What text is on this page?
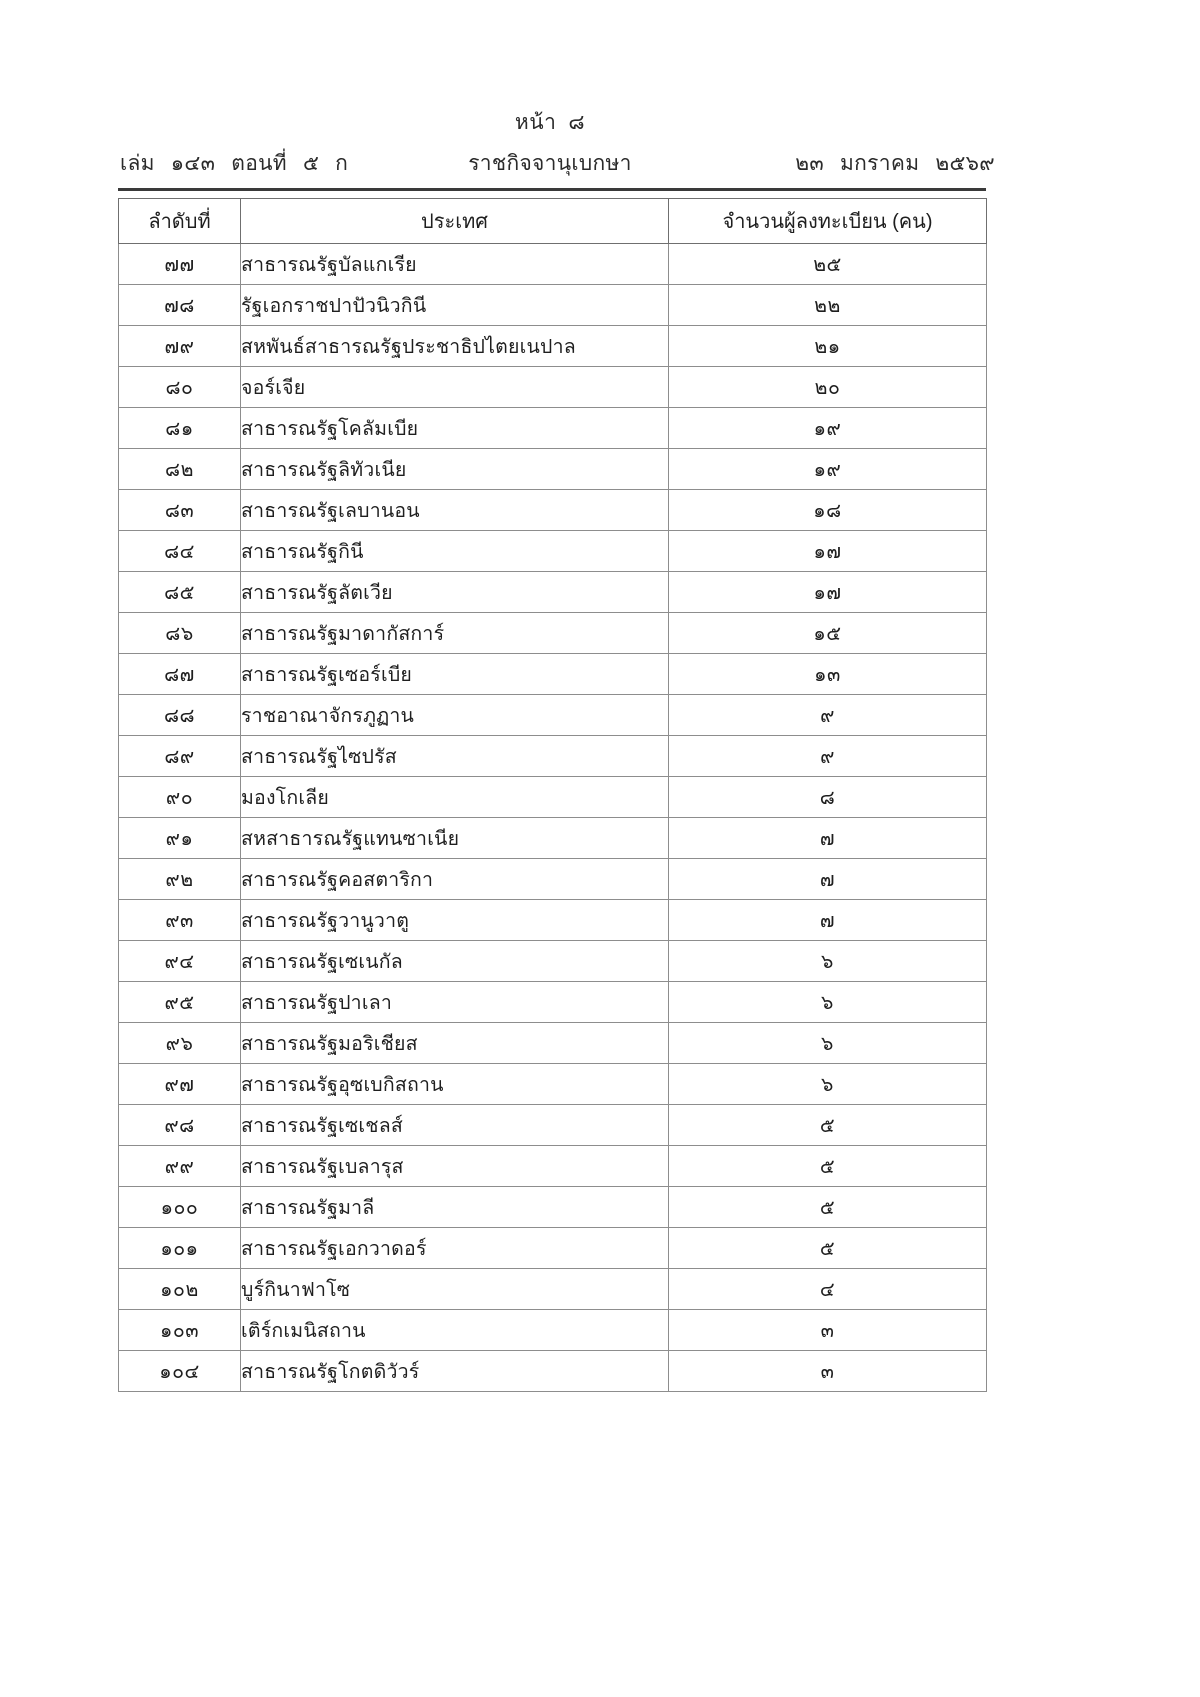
หน้า ๘
เล่ม ๑๔๓ ตอนที่ ๕ ก	ราชกิจจานุเบกษา	๒๓ มกราคม ๒๕๖๙
ลำดับที่	ประเทศ	จำนวนผู้ลงทะเบียน (คน)
๗๗	สาธารณรัฐบัลแกเรีย	๒๕
๗๘	รัฐเอกราชปาปัวนิวกินี	๒๒
๗๙	สหพันธ์สาธารณรัฐประชาธิปไตยเนปาล	๒๑
๘๐	จอร์เจีย	๒๐
๘๑	สาธารณรัฐโคลัมเบีย	๑๙
๘๒	สาธารณรัฐลิทัวเนีย	๑๙
๘๓	สาธารณรัฐเลบานอน	๑๘
๘๔	สาธารณรัฐกินี	๑๗
๘๕	สาธารณรัฐลัตเวีย	๑๗
๘๖	สาธารณรัฐมาดากัสการ์	๑๕
๘๗	สาธารณรัฐเซอร์เบีย	๑๓
๘๘	ราชอาณาจักรภูฏาน	๙
๘๙	สาธารณรัฐไซปรัส	๙
๙๐	มองโกเลีย	๘
๙๑	สหสาธารณรัฐแทนซาเนีย	๗
๙๒	สาธารณรัฐคอสตาริกา	๗
๙๓	สาธารณรัฐวานูวาตู	๗
๙๔	สาธารณรัฐเซเนกัล	๖
๙๕	สาธารณรัฐปาเลา	๖
๙๖	สาธารณรัฐมอริเชียส	๖
๙๗	สาธารณรัฐอุซเบกิสถาน	๖
๙๘	สาธารณรัฐเซเชลส์	๕
๙๙	สาธารณรัฐเบลารุส	๕
๑๐๐	สาธารณรัฐมาลี	๕
๑๐๑	สาธารณรัฐเอกวาดอร์	๕
๑๐๒	บูร์กินาฟาโซ	๔
๑๐๓	เติร์กเมนิสถาน	๓
๑๐๔	สาธารณรัฐโกตดิวัวร์	๓
